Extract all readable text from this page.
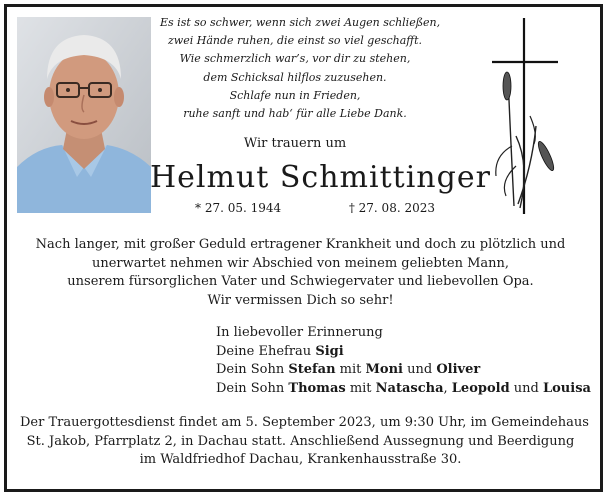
Es ist so schwer, wenn sich zwei Augen schließen,
zwei Hände ruhen, die einst so viel geschafft.
Wie schmerzlich war’s, vor dir zu stehen,
dem Schicksal hilflos zuzusehen.
Schlafe nun in Frieden,
ruhe sanft und hab‘ für alle Liebe Dank.
Wir trauern um
Helmut Schmittinger
* 27. 05. 1944	† 27. 08. 2023
Nach langer, mit großer Geduld ertragener Krankheit und doch zu plötzlich und
unerwartet nehmen wir Abschied von meinem geliebten Mann,
unserem fürsorglichen Vater und Schwiegervater und liebevollen Opa.
Wir vermissen Dich so sehr!
In liebevoller Erinnerung
Deine Ehefrau Sigi
Dein Sohn Stefan mit Moni und Oliver
Dein Sohn Thomas mit Natascha, Leopold und Louisa
Der Trauergottesdienst findet am 5. September 2023, um 9:30 Uhr, im Gemeindehaus
St. Jakob, Pfarrplatz 2, in Dachau statt. Anschließend Aussegnung und Beerdigung
im Waldfriedhof Dachau, Krankenhausstraße 30.
